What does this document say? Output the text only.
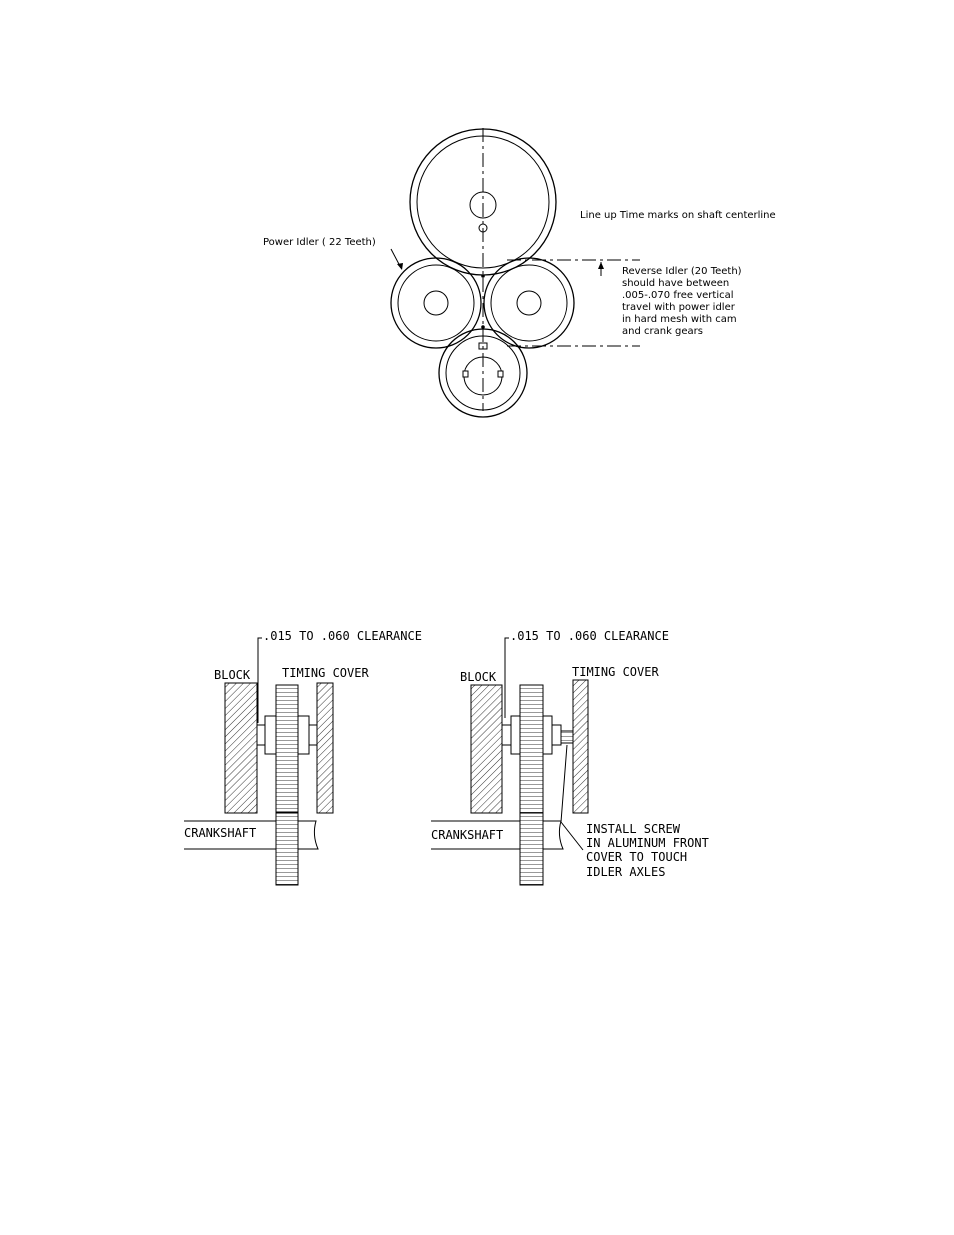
Line up Time marks on shaft centerline
Power Idler ( 22 Teeth)
Reverse Idler (20 Teeth)
should have between
.005-.070 free vertical
travel with power idler
in hard mesh with cam
and crank gears
.015 TO .060 CLEARANCE
BLOCK	TIMING COVER
CRANKSHAFT
.015 TO .060 CLEARANCE
BLOCK	TIMING COVER
CRANKSHAFT	INSTALL SCREW
IN ALUMINUM FRONT
COVER TO TOUCH
IDLER AXLES
